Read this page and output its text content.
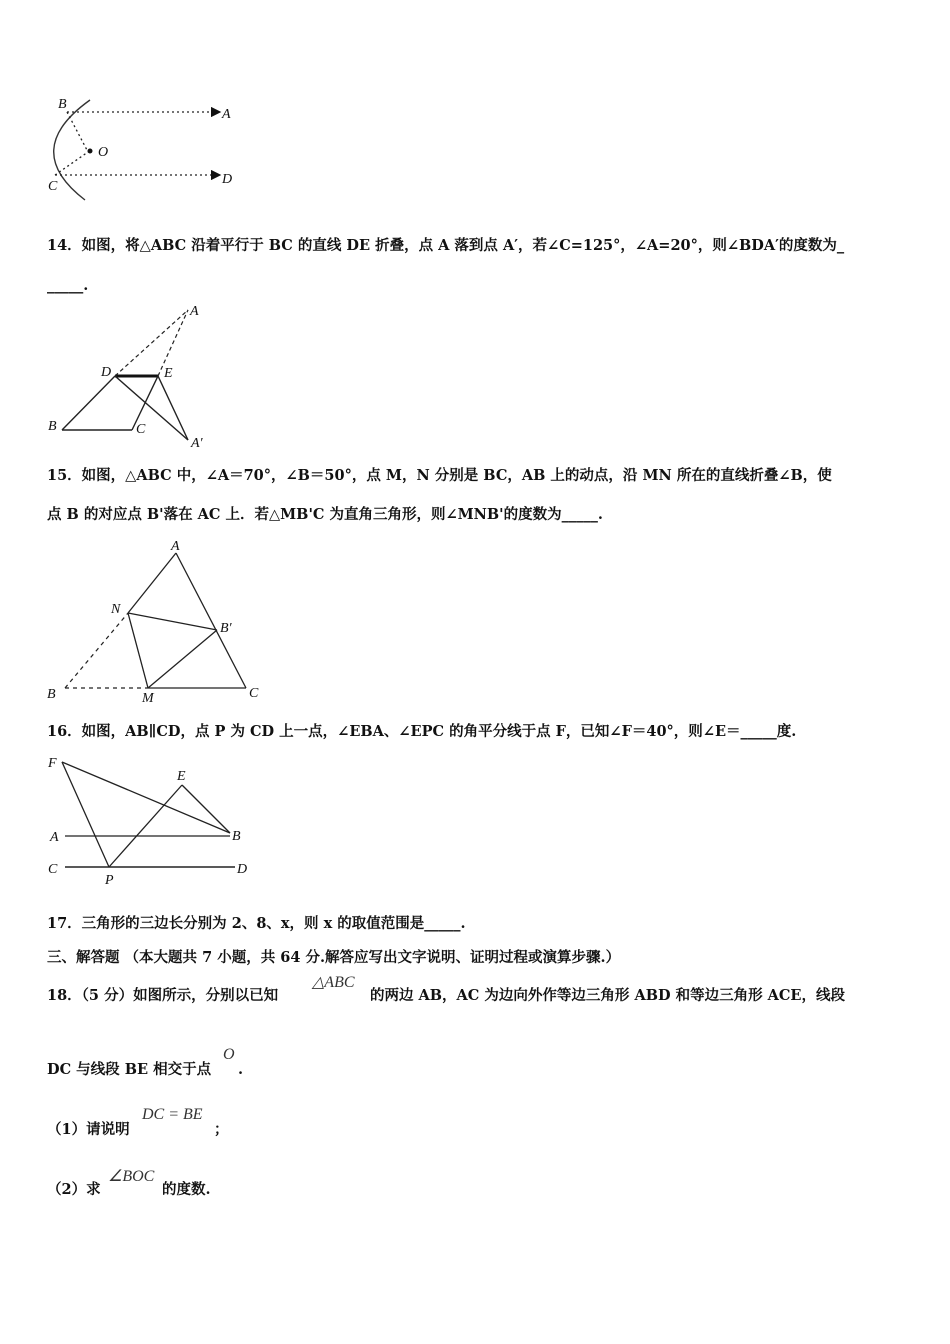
B
A
O
C	D
14．如图，将△ABC 沿着平行于 BC 的直线 DE 折叠，点 A 落到点 A′，若∠C=125°，∠A=20°，则∠BDA′的度数为_
_____.
A
D	E
B	C
A′
15．如图，△ABC 中，∠A＝70°，∠B＝50°，点 M，N 分别是 BC，AB 上的动点，沿 MN 所在的直线折叠∠B，使
点 B 的对应点 B'落在 AC 上．若△MB'C 为直角三角形，则∠MNB'的度数为_____.
A
N
B′
B	M	C
16．如图，AB∥CD，点 P 为 CD 上一点，∠EBA、∠EPC 的角平分线于点 F，已知∠F＝40°，则∠E＝_____度.
F
E
A	B
C
P
D
17．三角形的三边长分别为 2、8、x，则 x 的取值范围是_____.
三、解答题 （本大题共 7 小题，共 64 分.解答应写出文字说明、证明过程或演算步骤.）
18．（5 分）如图所示，分别以已知
△ABC
的两边 AB，AC 为边向外作等边三角形 ABD 和等边三角形 ACE，线段
DC 与线段 BE 相交于点
O
.
（1）请说明
DC = BE
；
（2）求
∠BOC
的度数.
